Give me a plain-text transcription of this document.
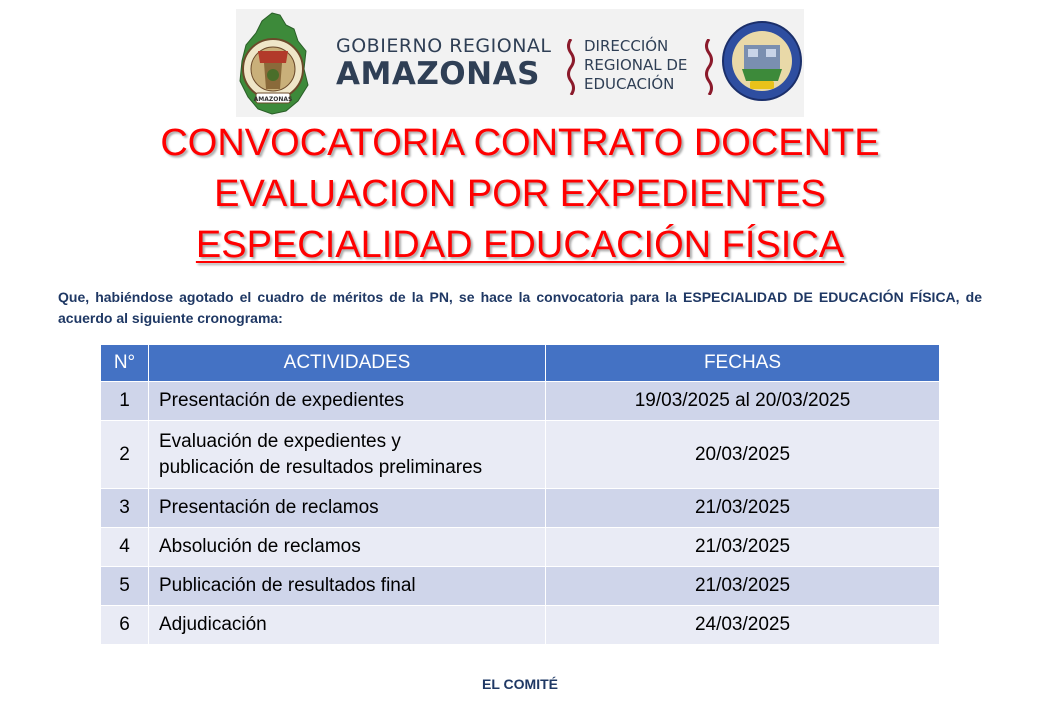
AMAZONAS
GOBIERNO REGIONAL
AMAZONAS
DIRECCIÓN
REGIONAL DE
EDUCACIÓN
CONVOCATORIA CONTRATO DOCENTE
EVALUACION POR EXPEDIENTES
ESPECIALIDAD EDUCACIÓN FÍSICA
Que, habiéndose agotado el cuadro de méritos de la PN, se hace la convocatoria para la ESPECIALIDAD DE EDUCACIÓN FÍSICA, de acuerdo al siguiente cronograma:
N°	ACTIVIDADES	FECHAS
1	Presentación de expedientes	19/03/2025 al 20/03/2025
2	Evaluación de expedientes y
publicación de resultados preliminares	20/03/2025
3	Presentación de reclamos	21/03/2025
4	Absolución de reclamos	21/03/2025
5	Publicación de resultados final	21/03/2025
6	Adjudicación	24/03/2025
EL COMITÉ
